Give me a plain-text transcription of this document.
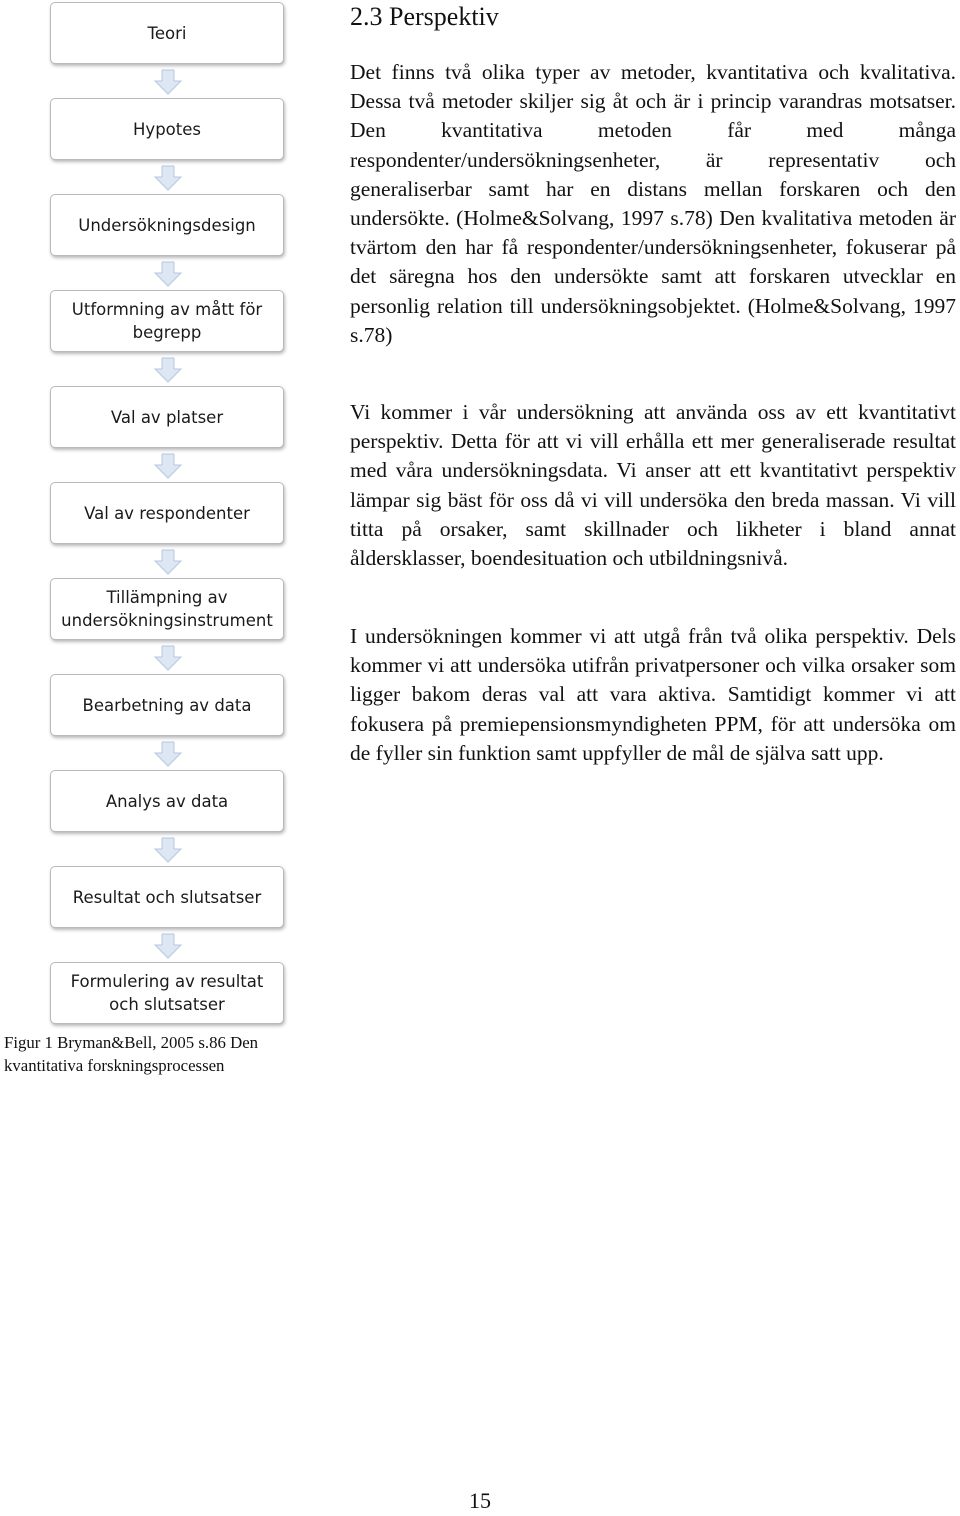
Teori
Hypotes
Undersökningsdesign
Utformning av mått för
begrepp
Val av platser
Val av respondenter
Tillämpning av
undersökningsinstrument
Bearbetning av data
Analys av data
Resultat och slutsatser
Formulering av resultat
och slutsatser

Figur 1 Bryman&Bell, 2005 s.86 Den kvantitativa forskningsprocessen

2.3 Perspektiv

Det finns två olika typer av metoder, kvantitativa och kvalitativa. Dessa två metoder skiljer sig åt och är i princip varandras motsatser. Den kvantitativa metoden får med många respondenter/undersökningsenheter, är representativ och generaliserbar samt har en distans mellan forskaren och den undersökte. (Holme&Solvang, 1997 s.78) Den kvalitativa metoden är tvärtom den har få respondenter/undersökningsenheter, fokuserar på det säregna hos den undersökte samt att forskaren utvecklar en personlig relation till undersökningsobjektet. (Holme&Solvang, 1997 s.78)

Vi kommer i vår undersökning att använda oss av ett kvantitativt perspektiv. Detta för att vi vill erhålla ett mer generaliserade resultat med våra undersökningsdata. Vi anser att ett kvantitativt perspektiv lämpar sig bäst för oss då vi vill undersöka den breda massan. Vi vill titta på orsaker, samt skillnader och likheter i bland annat åldersklasser, boendesituation och utbildningsnivå.

I undersökningen kommer vi att utgå från två olika perspektiv. Dels kommer vi att undersöka utifrån privatpersoner och vilka orsaker som ligger bakom deras val att vara aktiva. Samtidigt kommer vi att fokusera på premiepensionsmyndigheten PPM, för att undersöka om de fyller sin funktion samt uppfyller de mål de själva satt upp.

15
